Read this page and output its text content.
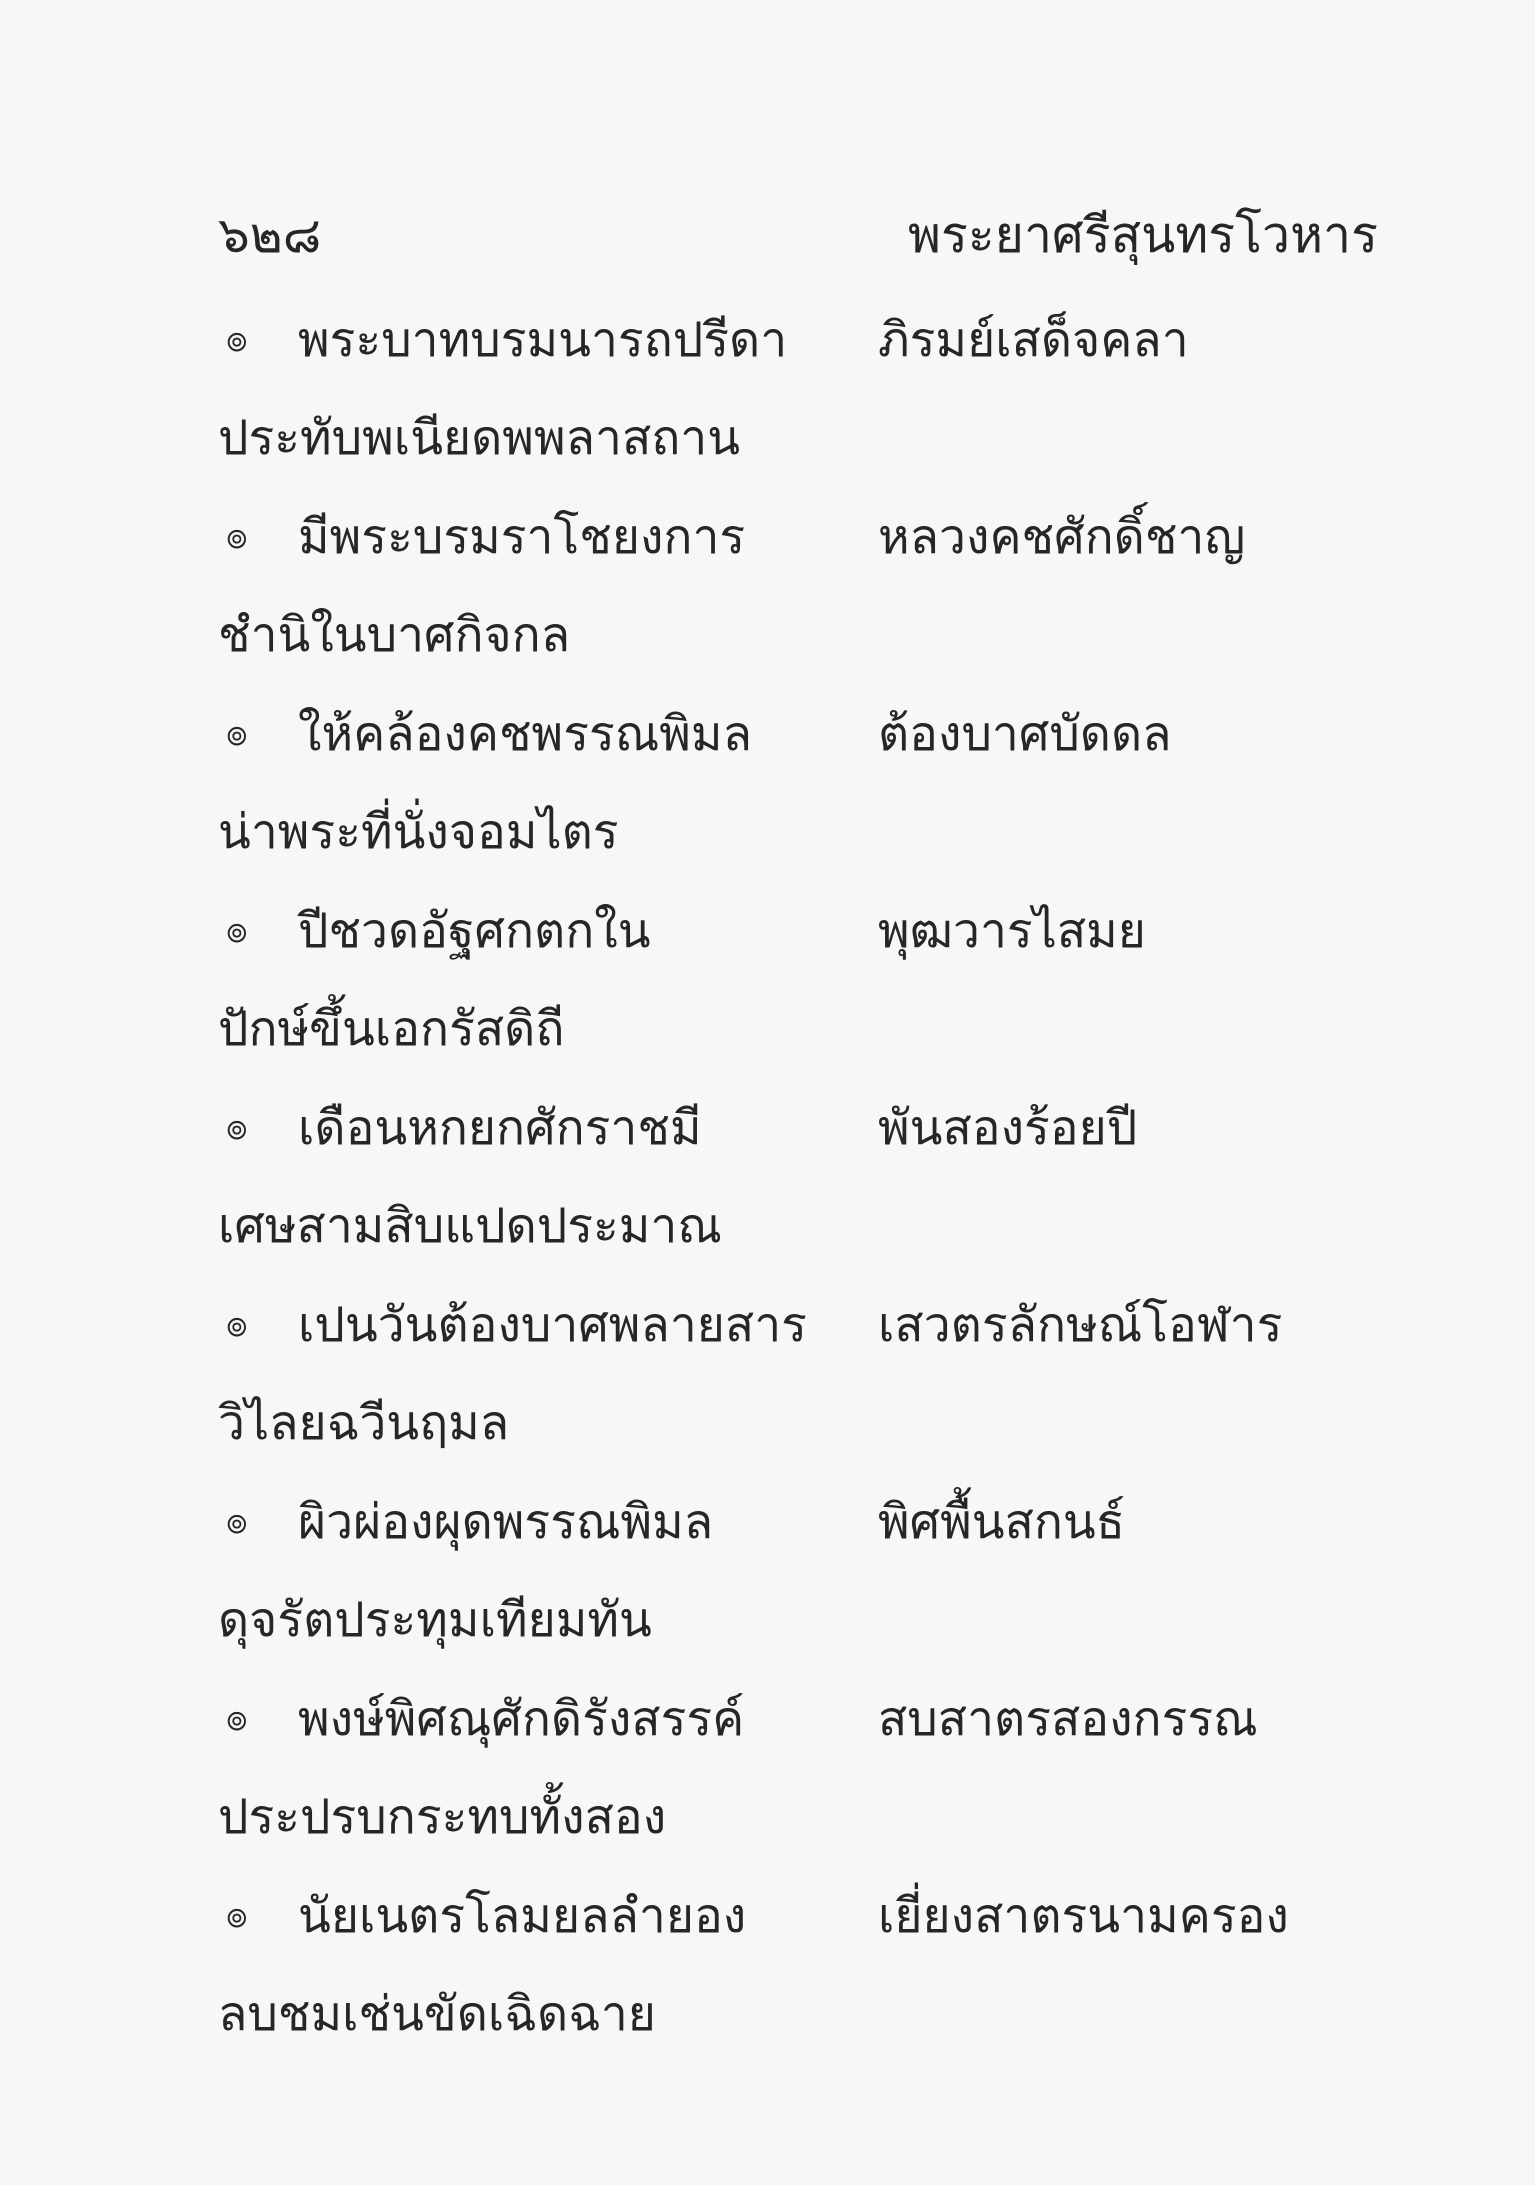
๖๒๘	พระยาศรีสุนทรโวหาร
๏ พระบาทบรมนารถปรีดา ภิรมย์เสด็จคลา
ประทับพเนียดพพลาสถาน
๏ มีพระบรมราโชยงการ	หลวงคชศักดิ์ชาญ
ชำนิในบาศกิจกล
๏ ให้คล้องคชพรรณพิมล	ต้องบาศบัดดล
น่าพระที่นั่งจอมไตร
๏ ปีชวดอัฐศกตกใน	พุฒวารไสมย
ปักษ์ขึ้นเอกรัสดิถี
๏ เดือนหกยกศักราชมี	พันสองร้อยปี
เศษสามสิบแปดประมาณ
๏ เปนวันต้องบาศพลายสาร เสวตรลักษณ์โอฬาร
วิไลยฉวีนฤมล
๏ ผิวผ่องผุดพรรณพิมล	พิศพื้นสกนธ์
ดุจรัตประทุมเทียมทัน
๏ พงษ์พิศณุศักดิรังสรรค์	สบสาตรสองกรรณ
ประปรบกระทบทั้งสอง
๏ นัยเนตรโลมยลลำยอง	เยี่ยงสาตรนามครอง
ลบชมเช่นขัดเฉิดฉาย
